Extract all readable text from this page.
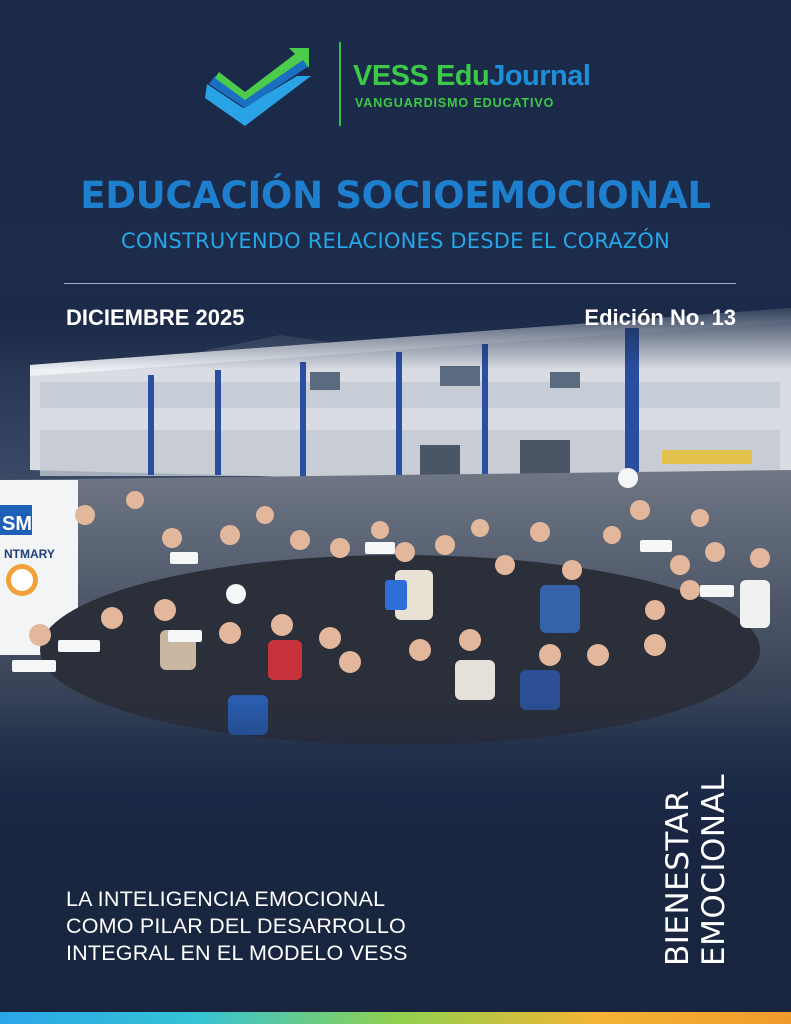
VESS EduJournal
VANGUARDISMO EDUCATIVO
EDUCACIÓN SOCIOEMOCIONAL
CONSTRUYENDO RELACIONES DESDE EL CORAZÓN
SM
NTMARY
DICIEMBRE 2025	Edición No. 13
LA INTELIGENCIA EMOCIONAL
COMO PILAR DEL DESARROLLO
INTEGRAL EN EL MODELO VESS	BIENESTAR EMOCIONAL
